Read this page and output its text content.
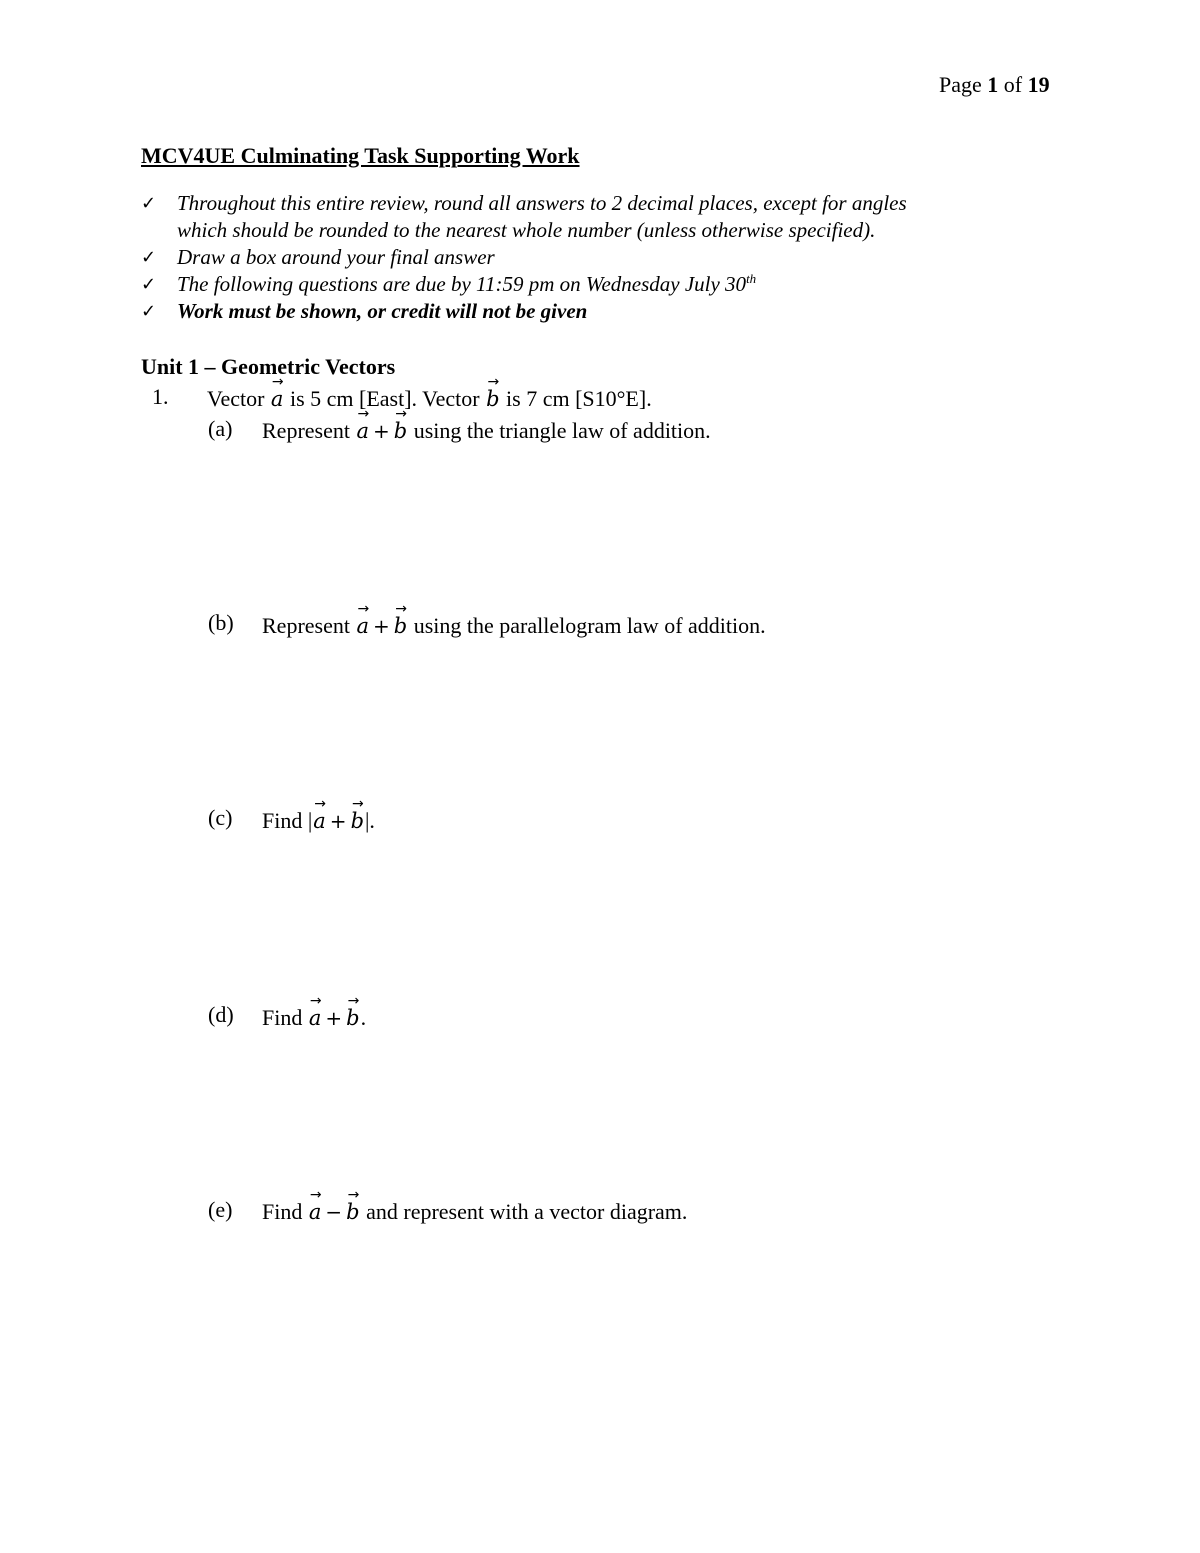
Page 1 of 19
MCV4UE Culminating Task Supporting Work
✓ Throughout this entire review, round all answers to 2 decimal places, except for angles
which should be rounded to the nearest whole number (unless otherwise specified).
✓ Draw a box around your final answer
✓ The following questions are due by 11:59 pm on Wednesday July 30th
✓ Work must be shown, or credit will not be given
Unit 1 – Geometric Vectors
1. Vector → a is 5 cm [East]. Vector → b is 7 cm [S10°E].
(a) Represent → a + → b using the triangle law of addition.
(b) Represent → a + → b using the parallelogram law of addition.
(c) Find |→ a + → b|.
(d) Find → a + → b.
(e) Find → a − → b and represent with a vector diagram.
